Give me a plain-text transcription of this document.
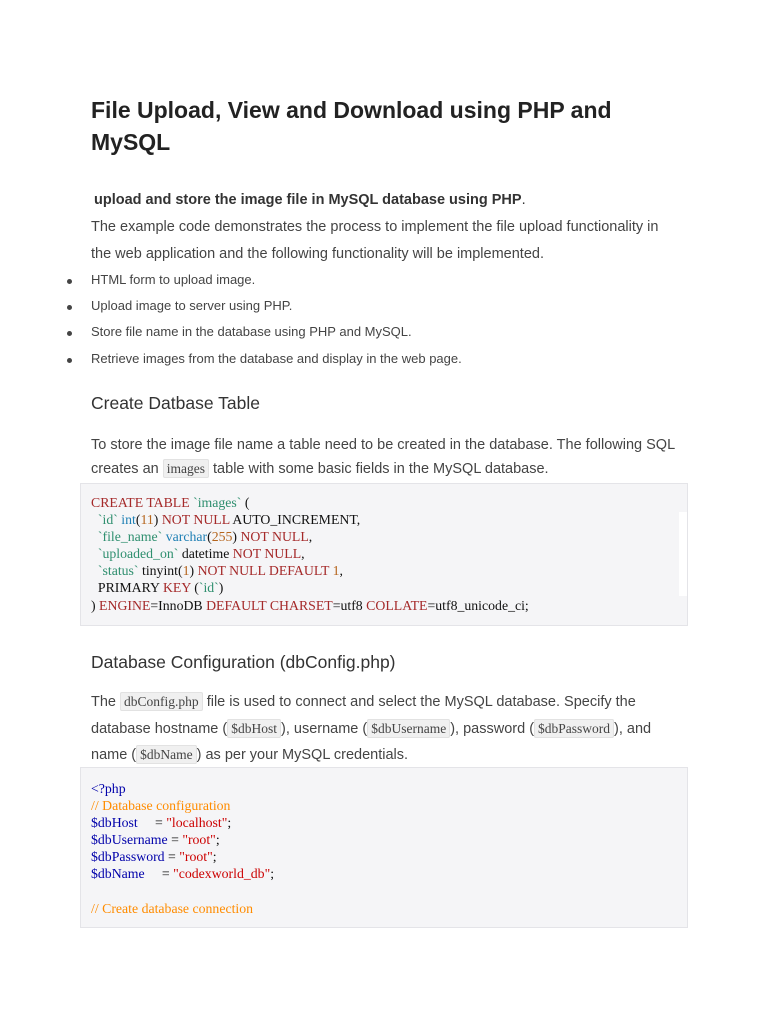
File Upload, View and Download using PHP and MySQL
upload and store the image file in MySQL database using PHP.

The example code demonstrates the process to implement the file upload functionality in the web application and the following functionality will be implemented.

HTML form to upload image.
Upload image to server using PHP.
Store file name in the database using PHP and MySQL.
Retrieve images from the database and display in the web page.
Create Datbase Table

To store the image file name a table need to be created in the database. The following SQL creates an images table with some basic fields in the MySQL database.

CREATE TABLE `images` (
`id` int(11) NOT NULL AUTO_INCREMENT,
`file_name` varchar(255) NOT NULL,
`uploaded_on` datetime NOT NULL,
`status` tinyint(1) NOT NULL DEFAULT 1,
PRIMARY KEY (`id`)
) ENGINE=InnoDB DEFAULT CHARSET=utf8 COLLATE=utf8_unicode_ci;
Database Configuration (dbConfig.php)

The dbConfig.php file is used to connect and select the MySQL database. Specify the database hostname ( $dbHost ), username ( $dbUsername ), password ( $dbPassword ), and name ( $dbName ) as per your MySQL credentials.

<?php
// Database configuration
$dbHost     = "localhost";
$dbUsername = "root";
$dbPassword = "root";
$dbName     = "codexworld_db";

// Create database connection
